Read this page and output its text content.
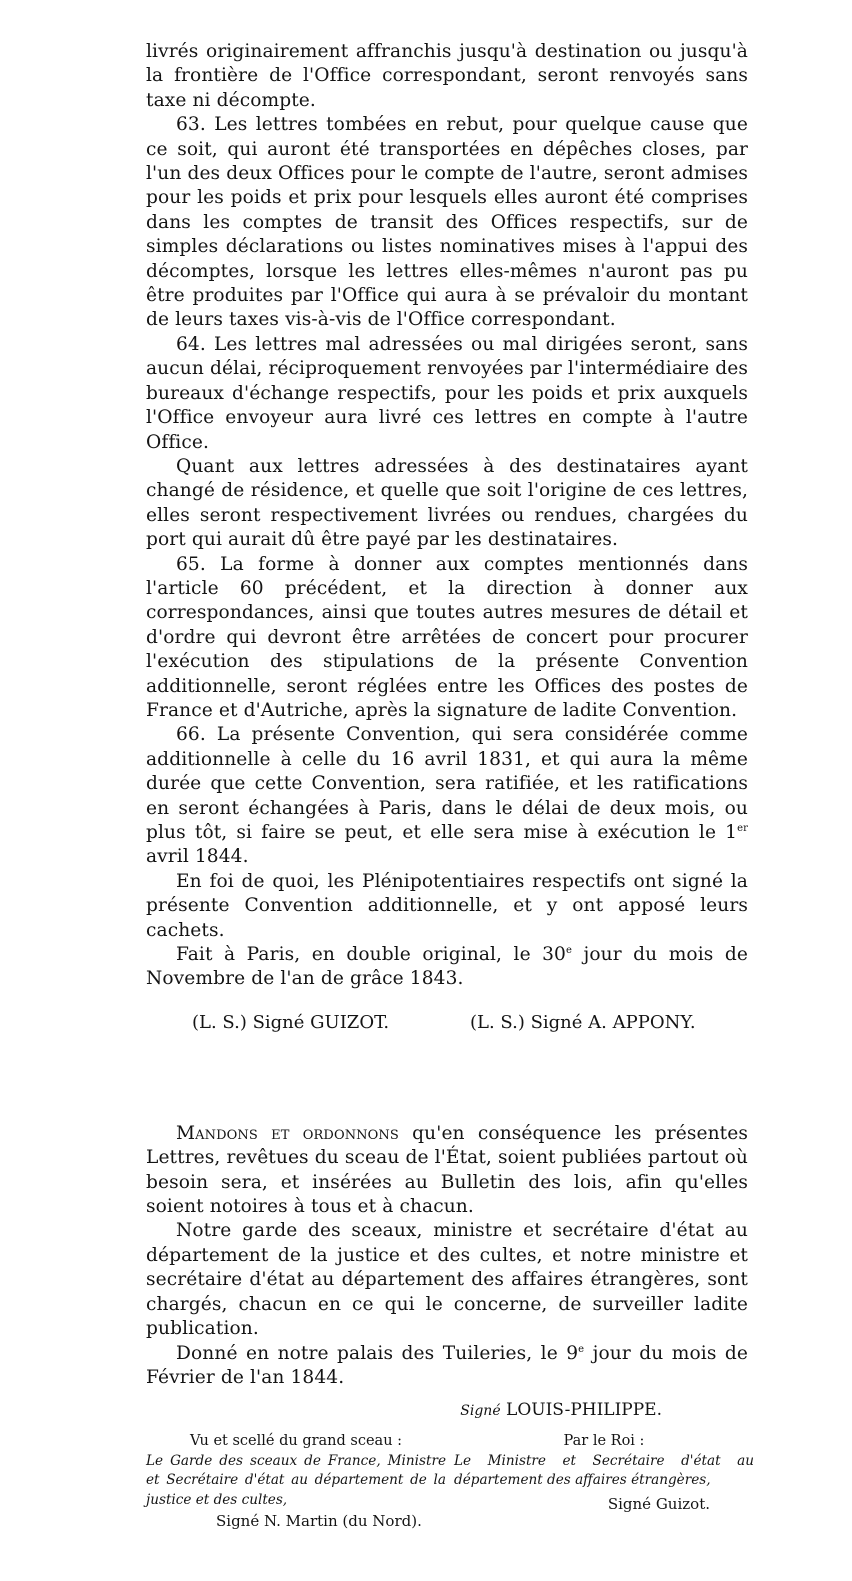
livrés originairement affranchis jusqu'à destination ou jusqu'à la frontière de l'Office correspondant, seront renvoyés sans taxe ni décompte.

63. Les lettres tombées en rebut, pour quelque cause que ce soit, qui auront été transportées en dépêches closes, par l'un des deux Offices pour le compte de l'autre, seront admises pour les poids et prix pour lesquels elles auront été comprises dans les comptes de transit des Offices respectifs, sur de simples déclarations ou listes nominatives mises à l'appui des décomptes, lorsque les lettres elles-mêmes n'auront pas pu être produites par l'Office qui aura à se prévaloir du montant de leurs taxes vis-à-vis de l'Office correspondant.

64. Les lettres mal adressées ou mal dirigées seront, sans aucun délai, réciproquement renvoyées par l'intermédiaire des bureaux d'échange respectifs, pour les poids et prix auxquels l'Office envoyeur aura livré ces lettres en compte à l'autre Office.

Quant aux lettres adressées à des destinataires ayant changé de résidence, et quelle que soit l'origine de ces lettres, elles seront respectivement livrées ou rendues, chargées du port qui aurait dû être payé par les destinataires.

65. La forme à donner aux comptes mentionnés dans l'article 60 précédent, et la direction à donner aux correspondances, ainsi que toutes autres mesures de détail et d'ordre qui devront être arrêtées de concert pour procurer l'exécution des stipulations de la présente Convention additionnelle, seront réglées entre les Offices des postes de France et d'Autriche, après la signature de ladite Convention.

66. La présente Convention, qui sera considérée comme additionnelle à celle du 16 avril 1831, et qui aura la même durée que cette Convention, sera ratifiée, et les ratifications en seront échangées à Paris, dans le délai de deux mois, ou plus tôt, si faire se peut, et elle sera mise à exécution le 1er avril 1844.

En foi de quoi, les Plénipotentiaires respectifs ont signé la présente Convention additionnelle, et y ont apposé leurs cachets.

Fait à Paris, en double original, le 30e jour du mois de Novembre de l'an de grâce 1843.

(L. S.) Signé GUIZOT.	(L. S.) Signé A. APPONY.

Mandons et ordonnons qu'en conséquence les présentes Lettres, revêtues du sceau de l'État, soient publiées partout où besoin sera, et insérées au Bulletin des lois, afin qu'elles soient notoires à tous et à chacun.

Notre garde des sceaux, ministre et secrétaire d'état au département de la justice et des cultes, et notre ministre et secrétaire d'état au département des affaires étrangères, sont chargés, chacun en ce qui le concerne, de surveiller ladite publication.

Donné en notre palais des Tuileries, le 9e jour du mois de Février de l'an 1844.

Signé LOUIS-PHILIPPE.
Vu et scellé du grand sceau :
Le Garde des sceaux de France, Ministre et Secrétaire d'état au département de la justice et des cultes,
Signé N. Martin (du Nord).
Par le Roi :
Le Ministre et Secrétaire d'état au département des affaires étrangères,
Signé Guizot.
